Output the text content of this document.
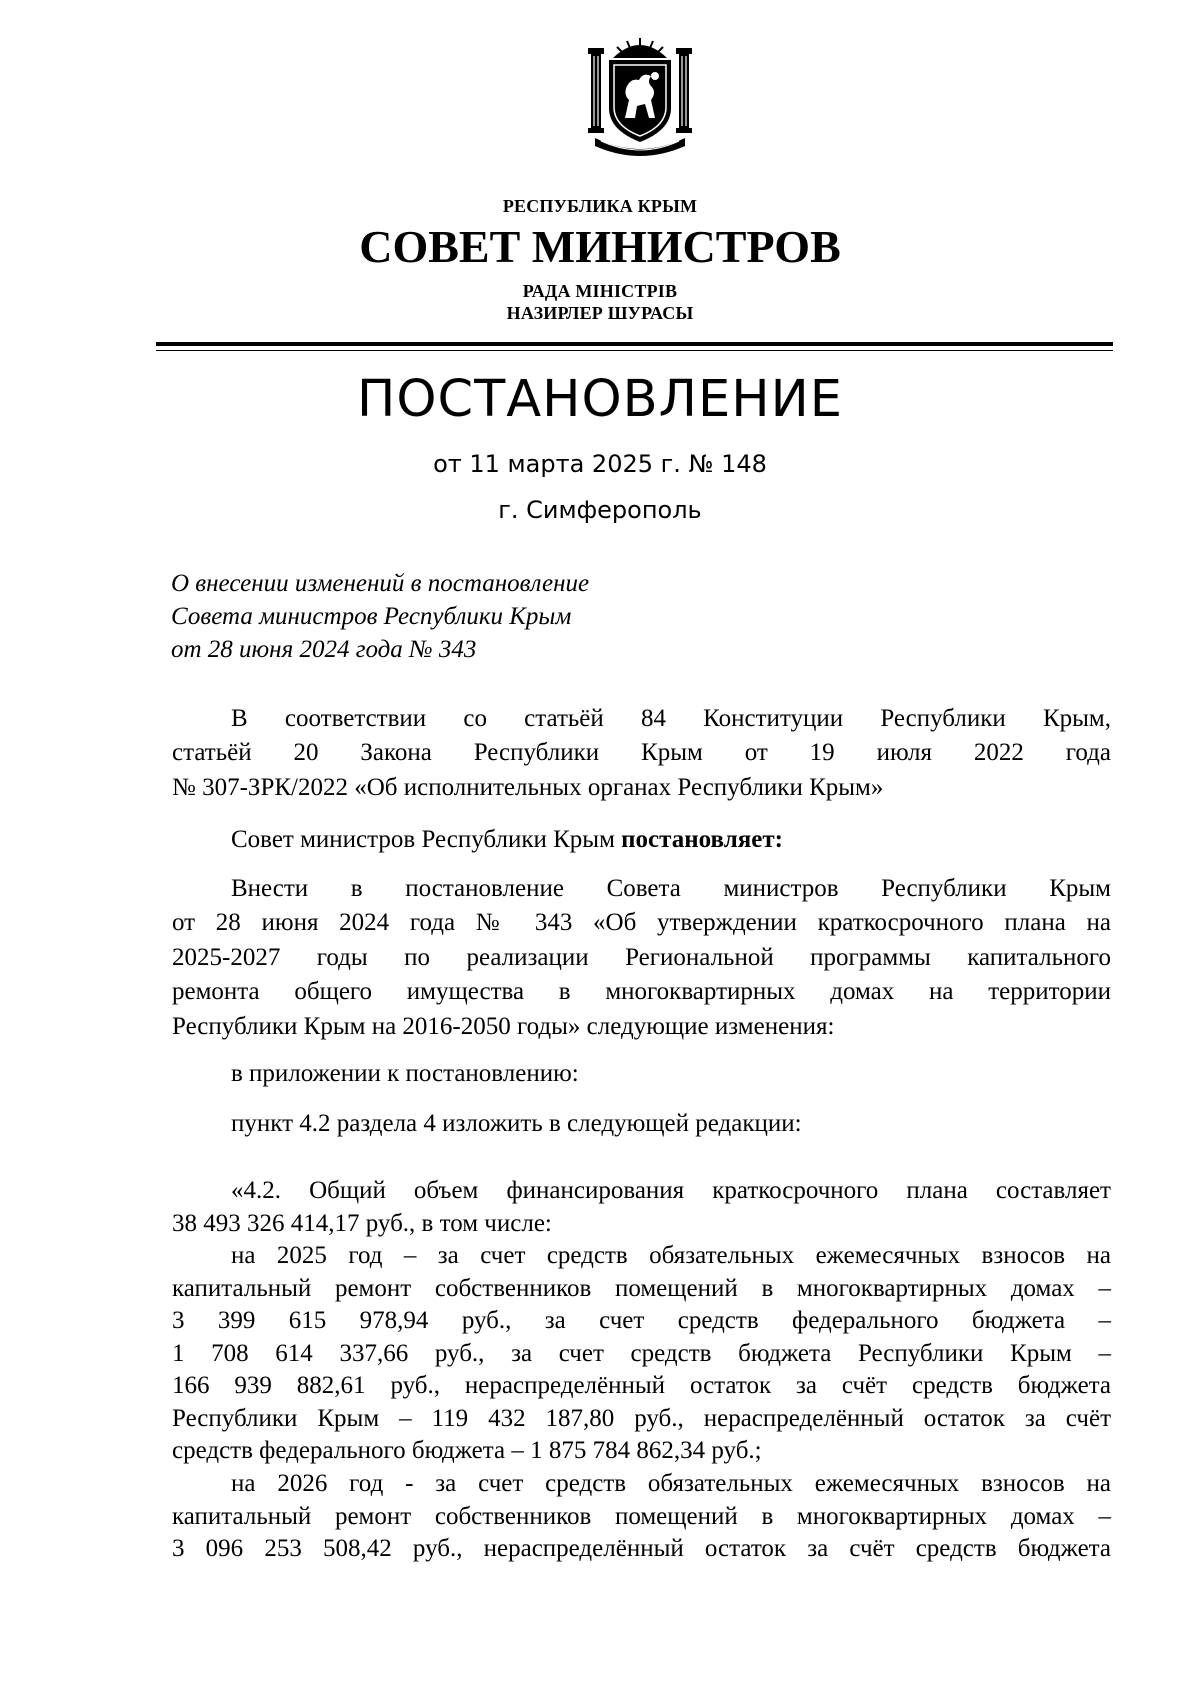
РЕСПУБЛИКА КРЫМ
СОВЕТ МИНИСТРОВ
РАДА МІНІСТРІВ
НАЗИРЛЕР ШУРАСЫ
ПОСТАНОВЛЕНИЕ
от 11 марта 2025 г. № 148
г. Симферополь
О внесении изменений в постановление
Совета министров Республики Крым
от 28 июня 2024 года № 343
В соответствии со статьёй 84 Конституции Республики Крым,
статьёй 20 Закона Республики Крым от 19 июля 2022 года
№ 307-ЗРК/2022 «Об исполнительных органах Республики Крым»
Совет министров Республики Крым постановляет:
Внести в постановление Совета министров Республики Крым
от 28 июня 2024 года № 343 «Об утверждении краткосрочного плана на
2025-2027 годы по реализации Региональной программы капитального
ремонта общего имущества в многоквартирных домах на территории
Республики Крым на 2016-2050 годы» следующие изменения:
в приложении к постановлению:
пункт 4.2 раздела 4 изложить в следующей редакции:
«4.2. Общий объем финансирования краткосрочного плана составляет
38 493 326 414,17 руб., в том числе:
на 2025 год – за счет средств обязательных ежемесячных взносов на
капитальный ремонт собственников помещений в многоквартирных домах –
3 399 615 978,94 руб., за счет средств федерального бюджета –
1 708 614 337,66 руб., за счет средств бюджета Республики Крым –
166 939 882,61 руб., нераспределённый остаток за счёт средств бюджета
Республики Крым – 119 432 187,80 руб., нераспределённый остаток за счёт
средств федерального бюджета – 1 875 784 862,34 руб.;
на 2026 год - за счет средств обязательных ежемесячных взносов на
капитальный ремонт собственников помещений в многоквартирных домах –
3 096 253 508,42 руб., нераспределённый остаток за счёт средств бюджета
